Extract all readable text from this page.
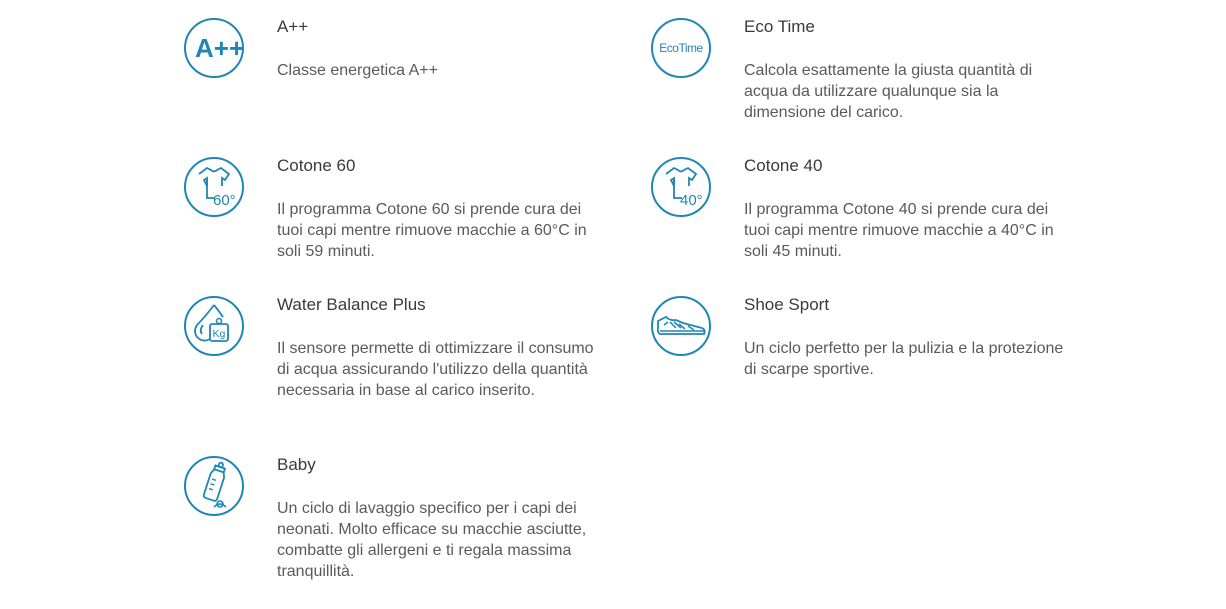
A++
A++
Classe energetica A++
EcoTime
Eco Time
Calcola esattamente la giusta quantità di acqua da utilizzare qualunque sia la dimensione del carico.
60°
Cotone 60
Il programma Cotone 60 si prende cura dei tuoi capi mentre rimuove macchie a 60°C in soli 59 minuti.
40°
Cotone 40
Il programma Cotone 40 si prende cura dei tuoi capi mentre rimuove macchie a 40°C in soli 45 minuti.
Kg
Water Balance Plus
Il sensore permette di ottimizzare il consumo di acqua assicurando l'utilizzo della quantità necessaria in base al carico inserito.
Shoe Sport
Un ciclo perfetto per la pulizia e la protezione di scarpe sportive.
Baby
Un ciclo di lavaggio specifico per i capi dei neonati. Molto efficace su macchie asciutte, combatte gli allergeni e ti regala massima tranquillità.
